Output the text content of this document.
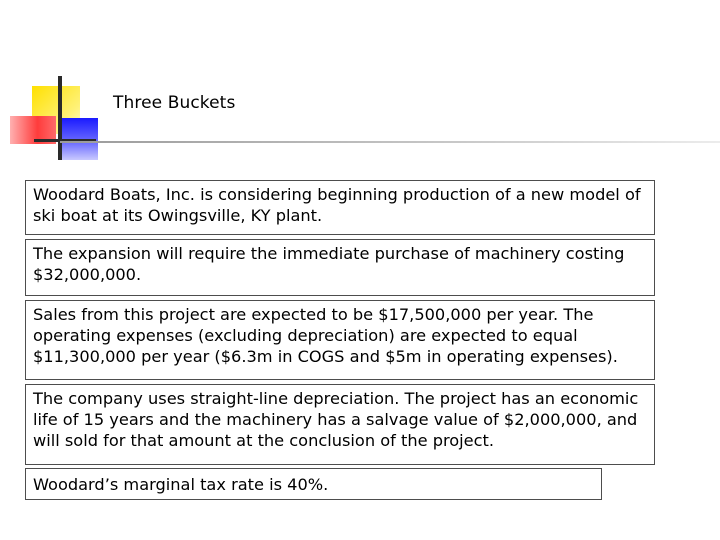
Three Buckets

Woodard Boats, Inc. is considering beginning production of a new model of ski boat at its Owingsville, KY plant.

The expansion will require the immediate purchase of machinery costing $32,000,000.

Sales from this project are expected to be $17,500,000 per year. The operating expenses (excluding depreciation) are expected to equal $11,300,000 per year ($6.3m in COGS and $5m in operating expenses).

The company uses straight-line depreciation. The project has an economic life of 15 years and the machinery has a salvage value of $2,000,000, and will sold for that amount at the conclusion of the project.

Woodard’s marginal tax rate is 40%.
